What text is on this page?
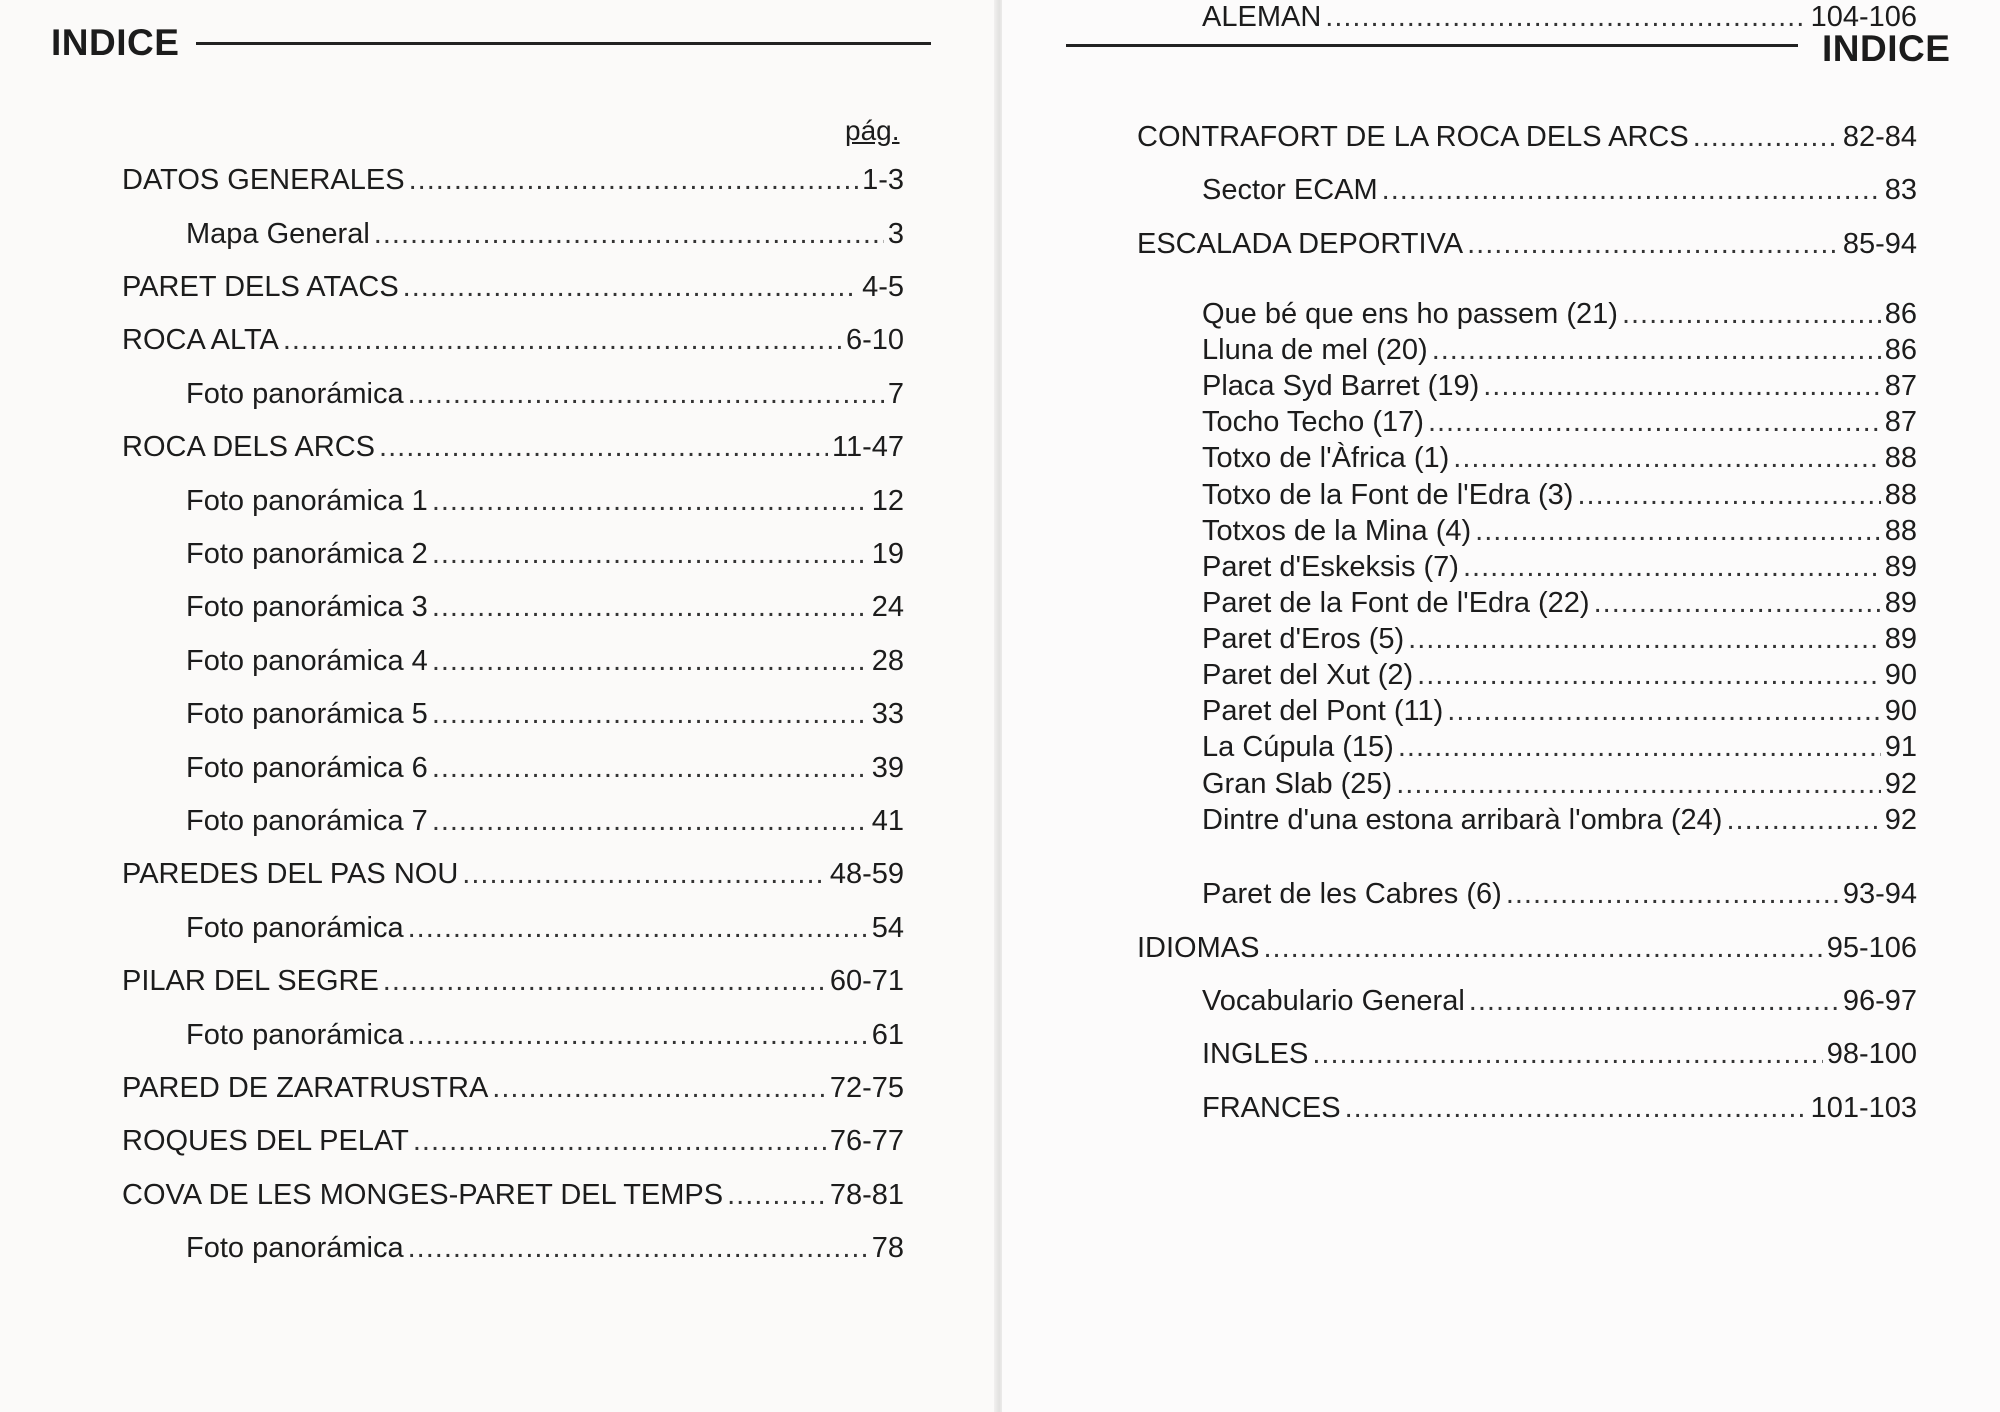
INDICE
pág.
DATOS GENERALES .....	1-3
Mapa General .....	3
PARET DELS ATACS .....	4-5
ROCA ALTA .....	6-10
Foto panorámica .....	7
ROCA DELS ARCS .....	11-47
Foto panorámica 1 .....	12
Foto panorámica 2 .....	19
Foto panorámica 3 .....	24
Foto panorámica 4 .....	28
Foto panorámica 5 .....	33
Foto panorámica 6 .....	39
Foto panorámica 7 .....	41
PAREDES DEL PAS NOU .....	48-59
Foto panorámica .....	54
PILAR DEL SEGRE .....	60-71
Foto panorámica .....	61
PARED DE ZARATRUSTRA .....	72-75
ROQUES DEL PELAT .....	76-77
COVA DE LES MONGES-PARET DEL TEMPS .....	78-81
Foto panorámica .....	78
INDICE
CONTRAFORT DE LA ROCA DELS ARCS .....	82-84
Sector ECAM .....	83
ESCALADA DEPORTIVA .....	85-94
Que bé que ens ho passem (21) .....	86
Lluna de mel (20) .....	86
Placa Syd Barret (19) .....	87
Tocho Techo (17) .....	87
Totxo de l'Àfrica (1) .....	88
Totxo de la Font de l'Edra (3) .....	88
Totxos de la Mina (4) .....	88
Paret d'Eskeksis (7) .....	89
Paret de la Font de l'Edra (22) .....	89
Paret d'Eros (5) .....	89
Paret del Xut (2) .....	90
Paret del Pont (11) .....	90
La Cúpula (15) .....	91
Gran Slab (25) .....	92
Dintre d'una estona arribarà l'ombra (24) .....	92
Paret de les Cabres (6) .....	93-94
IDIOMAS .....	95-106
Vocabulario General .....	96-97
INGLES .....	98-100
FRANCES .....	101-103
ALEMAN .....	104-106
